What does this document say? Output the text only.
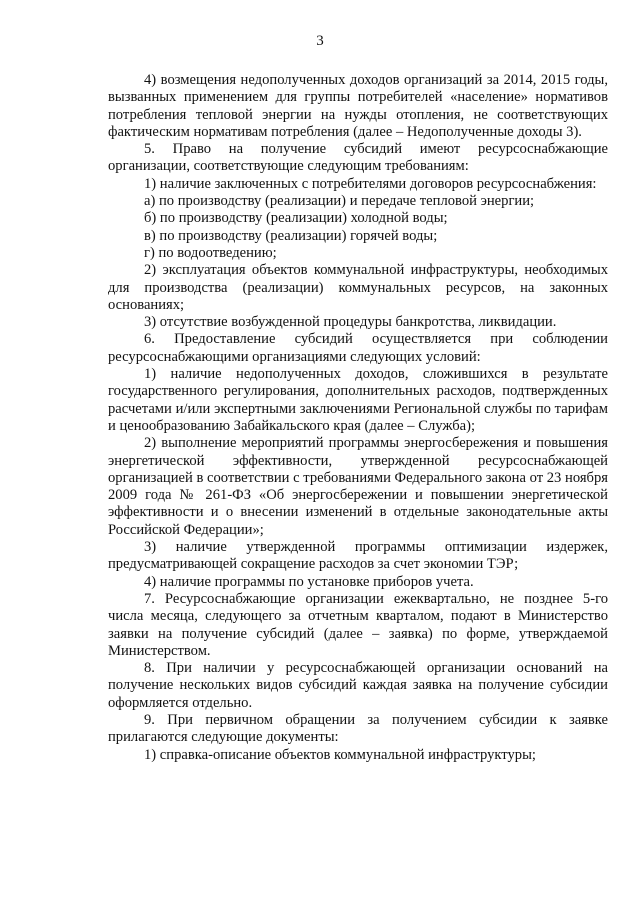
3

4) возмещения недополученных доходов организаций за 2014, 2015 годы, вызванных применением для группы потребителей «население» нормативов потребления тепловой энергии на нужды отопления, не соответствующих фактическим нормативам потребления (далее – Недополученные доходы 3).

5. Право на получение субсидий имеют ресурсоснабжающие организации, соответствующие следующим требованиям:

1) наличие заключенных с потребителями договоров ресурсоснабжения:

а) по производству (реализации) и передаче тепловой энергии;

б) по производству (реализации) холодной воды;

в) по производству (реализации) горячей воды;

г) по водоотведению;

2) эксплуатация объектов коммунальной инфраструктуры, необходимых для производства (реализации) коммунальных ресурсов, на законных основаниях;

3) отсутствие возбужденной процедуры банкротства, ликвидации.

6. Предоставление субсидий осуществляется при соблюдении ресурсоснабжающими организациями следующих условий:

1) наличие недополученных доходов, сложившихся в результате государственного регулирования, дополнительных расходов, подтвержденных расчетами и/или экспертными заключениями Региональной службы по тарифам и ценообразованию Забайкальского края (далее – Служба);

2) выполнение мероприятий программы энергосбережения и повышения энергетической эффективности, утвержденной ресурсоснабжающей организацией в соответствии с требованиями Федерального закона от 23 ноября 2009 года № 261-ФЗ «Об энергосбережении и повышении энергетической эффективности и о внесении изменений в отдельные законодательные акты Российской Федерации»;

3) наличие утвержденной программы оптимизации издержек, предусматривающей сокращение расходов за счет экономии ТЭР;

4) наличие программы по установке приборов учета.

7. Ресурсоснабжающие организации ежеквартально, не позднее 5-го числа месяца, следующего за отчетным кварталом, подают в Министерство заявки на получение субсидий (далее – заявка) по форме, утверждаемой Министерством.

8. При наличии у ресурсоснабжающей организации оснований на получение нескольких видов субсидий каждая заявка на получение субсидии оформляется отдельно.

9. При первичном обращении за получением субсидии к заявке прилагаются следующие документы:

1) справка-описание объектов коммунальной инфраструктуры;
